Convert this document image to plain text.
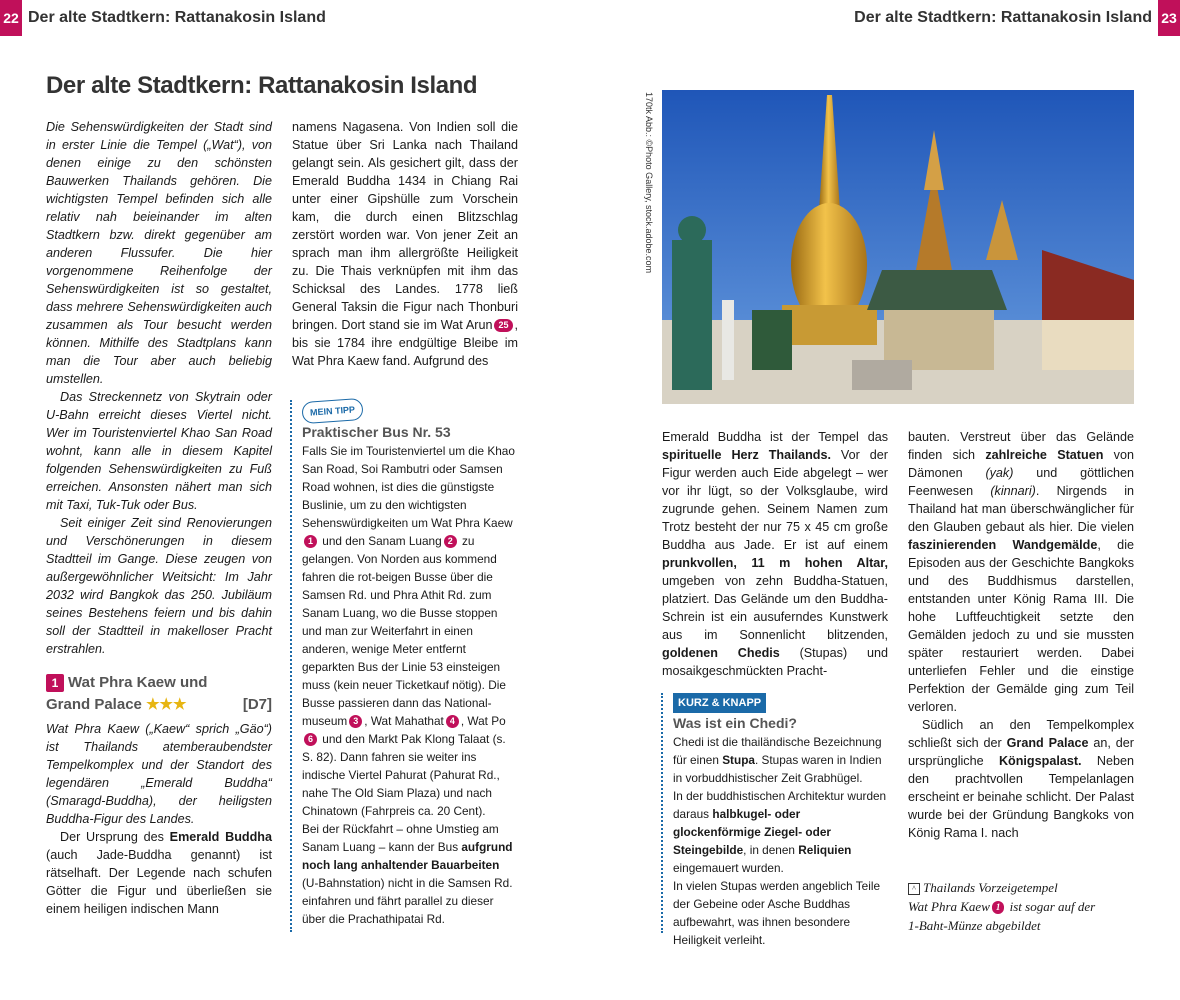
22 Der alte Stadtkern: Rattanakosin Island	Der alte Stadtkern: Rattanakosin Island 23
Der alte Stadtkern: Rattanakosin Island

Die Sehenswürdigkeiten der Stadt sind in erster Linie die Tempel („Wat“), von denen einige zu den schönsten Bauwerken Thailands gehören. Die wichtigsten Tempel befinden sich alle relativ nah beieinander im alten Stadtkern bzw. direkt gegenüber am anderen Flussufer. Die hier vorgenommene Reihenfolge der Sehenswürdigkeiten ist so gestaltet, dass mehrere Sehenswürdigkeiten auch zusammen als Tour besucht werden können. Mithilfe des Stadtplans kann man die Tour aber auch beliebig umstellen.

Das Streckennetz von Skytrain oder U-Bahn erreicht dieses Viertel nicht. Wer im Touristenviertel Khao San Road wohnt, kann alle in diesem Kapitel folgenden Sehenswürdigkeiten zu Fuß erreichen. Ansonsten nähert man sich mit Taxi, Tuk-Tuk oder Bus.

Seit einiger Zeit sind Renovierungen und Verschönerungen in diesem Stadtteil im Gange. Diese zeugen von außergewöhnlicher Weitsicht: Im Jahr 2032 wird Bangkok das 250. Jubiläum seines Bestehens feiern und bis dahin soll der Stadtteil in makelloser Pracht erstrahlen.

1 Wat Phra Kaew und
Grand Palace ★★★	[D7]

Wat Phra Kaew („Kaew“ sprich „Gäo“) ist Thailands atemberaubendster Tempelkomplex und der Standort des legendären „Emerald Buddha“ (Smaragd-Buddha), der heiligsten Buddha-Figur des Landes.

Der Ursprung des Emerald Buddha (auch Jade-Buddha genannt) ist rätselhaft. Der Legende nach schufen Götter die Figur und überließen sie einem heiligen indischen Mann

namens Nagasena. Von Indien soll die Statue über Sri Lanka nach Thailand gelangt sein. Als gesichert gilt, dass der Emerald Buddha 1434 in Chiang Rai unter einer Gipshülle zum Vorschein kam, die durch einen Blitzschlag zerstört worden war. Von jener Zeit an sprach man ihm allergrößte Heiligkeit zu. Die Thais verknüpfen mit ihm das Schicksal des Landes. 1778 ließ General Taksin die Figur nach Thonburi bringen. Dort stand sie im Wat Arun 25 , bis sie 1784 ihre endgültige Bleibe im Wat Phra Kaew fand. Aufgrund des

MEIN TIPP
Praktischer Bus Nr. 53

Falls Sie im Touristenviertel um die Khao San Road, Soi Rambutri oder Samsen Road wohnen, ist dies die günstigste Buslinie, um zu den wichtigsten Sehenswürdigkeiten um Wat Phra Kaew1 und den Sanam Luang 2 zu gelangen. Von Norden aus kommend fahren die rot-beigen Busse über die Samsen Rd. und Phra Athit Rd. zum Sanam Luang, wo die Busse stoppen und man zur Weiterfahrt in einen anderen, wenige Meter entfernt geparkten Bus der Linie 53 einsteigen muss (kein neuer Ticketkauf nötig). Die Busse passieren dann das National-museum 3 , Wat Mahathat 4 , Wat Po6 und den Markt Pak Klong Talaat (s. S. 82). Dann fahren sie weiter ins indische Viertel Pahurat (Pahurat Rd., nahe The Old Siam Plaza) und nach Chinatown (Fahrpreis ca. 20 Cent).

Bei der Rückfahrt – ohne Umstieg am Sanam Luang – kann der Bus aufgrund noch lang anhaltender Bauarbeiten (U-Bahnstation) nicht in die Samsen Rd. einfahren und fährt parallel zu dieser über die Prachathipatai Rd.

170tk Abb.: ©Photo Gallery, stock.adobe.com

Emerald Buddha ist der Tempel das spirituelle Herz Thailands. Vor der Figur werden auch Eide abgelegt – wer vor ihr lügt, so der Volksglaube, wird zugrunde gehen. Seinem Namen zum Trotz besteht der nur 75 x 45 cm große Buddha aus Jade. Er ist auf einem prunkvollen, 11 m hohen Altar, umgeben von zehn Buddha-Statuen, platziert. Das Gelände um den Buddha-Schrein ist ein ausuferndes Kunstwerk aus im Sonnenlicht blitzenden, goldenen Chedis (Stupas) und mosaikgeschmückten Pracht-

KURZ & KNAPP
Was ist ein Chedi?

Chedi ist die thailändische Bezeichnung für einen Stupa. Stupas waren in Indien in vorbuddhistischer Zeit Grabhügel.

In der buddhistischen Architektur wurden daraus halbkugel- oder glockenförmige Ziegel- oder Steingebilde, in denen Reliquien eingemauert wurden.

In vielen Stupas werden angeblich Teile der Gebeine oder Asche Buddhas aufbewahrt, was ihnen besondere Heiligkeit verleiht.

bauten. Verstreut über das Gelände finden sich zahlreiche Statuen von Dämonen (yak) und göttlichen Feenwesen (kinnari). Nirgends in Thailand hat man überschwänglicher für den Glauben gebaut als hier. Die vielen faszinierenden Wandgemälde, die Episoden aus der Geschichte Bangkoks und des Buddhismus darstellen, entstanden unter König Rama III. Die hohe Luftfeuchtigkeit setzte den Gemälden jedoch zu und sie mussten später restauriert werden. Dabei unterliefen Fehler und die einstige Perfektion der Gemälde ging zum Teil verloren.

Südlich an den Tempelkomplex schließt sich der Grand Palace an, der ursprüngliche Königspalast. Neben den prachtvollen Tempelanlagen erscheint er beinahe schlicht. Der Palast wurde bei der Gründung Bangkoks von König Rama I. nach

^ Thailands Vorzeigetempel
Wat Phra Kaew 1 ist sogar auf der
1-Baht-Münze abgebildet
